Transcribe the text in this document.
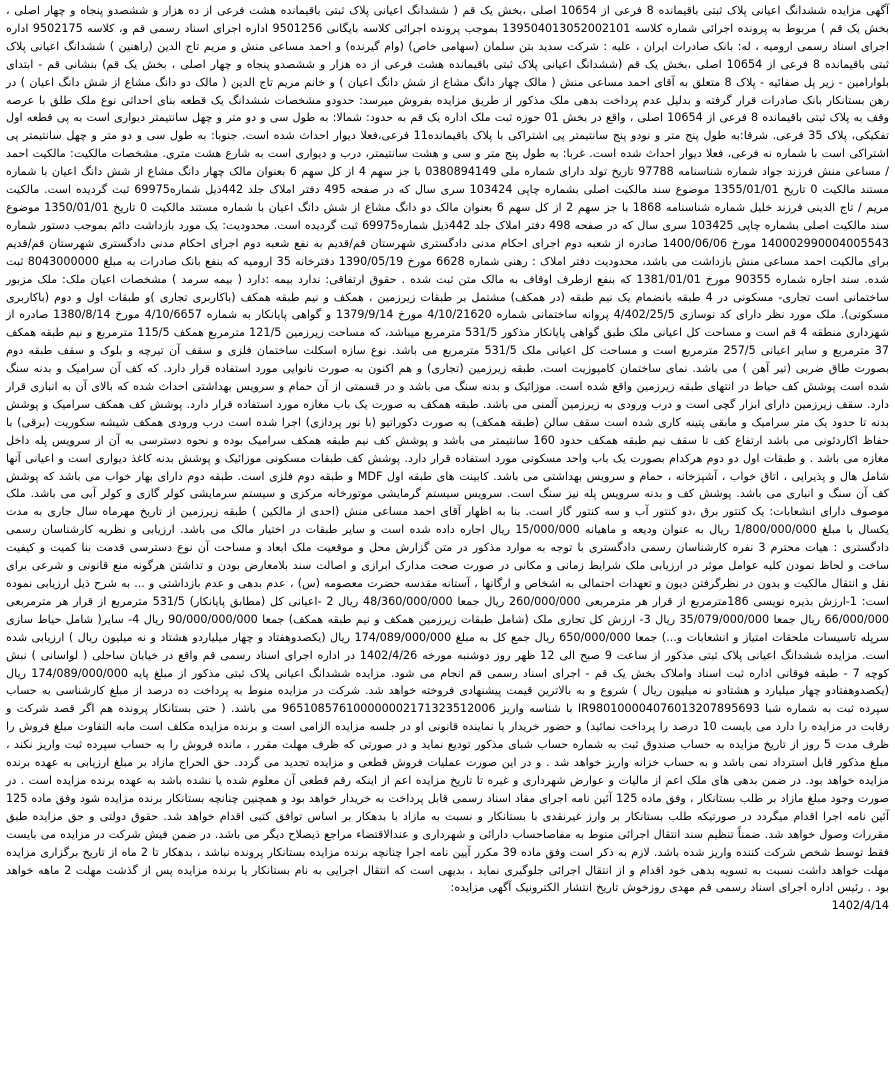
آگهی مزایده ششدانگ اعیانی پلاک ثبتی باقیمانده 8 فرعی از 10654 اصلی ،بخش یک قم ( ششدانگ اعیانی پلاک ثبتی باقیمانده هشت فرعی از ده هزار و ششصدو پنجاه و چهار اصلی ، بخش یک قم ) مربوط به پرونده اجرائی شماره کلاسه 139504013052002101 بموجب پرونده اجرائی کلاسه بایگانی 9501256 اداره اجرای اسناد رسمی قم و، کلاسه 9502175 اداره اجرای اسناد رسمی ارومیه ، له: بانک صادرات ایران ، علیه : شرکت سدید بتن سلمان (سهامی خاص) (وام گیرنده) و احمد مساعی منش و مریم تاج الدین (راهنین ) ششدانگ اعیانی پلاک ثبتی باقیمانده 8 فرعی از 10654 اصلی ،بخش یک قم (ششدانگ اعیانی پلاک ثبتی باقیمانده هشت فرعی از ده هزار و ششصدو پنجاه و چهار اصلی ، بخش یک قم) بنشانی قم - ابتدای بلوارامین - زیر پل صفائیه - پلاک 8 متعلق به آقای احمد مساعی منش ( مالک چهار دانگ مشاع از شش دانگ اعیان ) و خانم مریم تاج الدین ( مالک دو دانگ مشاع از شش دانگ اعیان ) در رهن بستانکار بانک صادرات قرار گرفته و بدلیل عدم پرداخت بدهی ملک مذکور از طریق مزایده بفروش میرسد: حدودو مشخصات ششدانگ یک قطعه بنای احداثی نوع ملک طلق با عرصه وقف به پلاک ثبتی باقیمانده 8 فرعی از 10654 اصلی ، واقع در بخش 01 حوزه ثبت ملک اداره یک قم به حدود: شمالا: به طول سی و دو متر و چهل سانتیمتر دیواری است به پی قطعه اول تفکیکی، پلاک 35 فرعی. شرقا:به طول پنج متر و نودو پنج سانتیمتر پی اشتراکی با پلاک باقیمانده11 فرعی،فعلا دیوار احداث شده است. جنوبا: به طول سی و دو متر و چهل سانتیمتر پی اشتراکی است با شماره نه فرعی، فعلا دیوار احداث شده است. غربا: به طول پنج متر و سی و هشت سانتیمتر، درب و دیواری است به شارع هشت متری. مشخصات مالکیت: مالکیت احمد / مساعی منش فرزند جواد شماره شناسنامه 97788 تاریخ تولد دارای شماره ملی 0380894149 با جز سهم 4 از کل سهم 6 بعنوان مالک چهار دانگ مشاع از شش دانگ اعیان با شماره مستند مالکیت 0 تاریخ 1355/01/01 موضوع سند مالکیت اصلی بشماره چاپی 103424 سری سال که در صفحه 495 دفتر املاک جلد 442ذیل شماره69975 ثبت گردیده است. مالکیت مریم / تاج الدینی فرزند خلیل شماره شناسنامه 1868 با جز سهم 2 از کل سهم 6 بعنوان مالک دو دانگ مشاع از شش دانگ اعیان با شماره مستند مالکیت 0 تاریخ 1350/01/01 موضوع سند مالکیت اصلی بشماره چاپی 103425 سری سال که در صفحه 498 دفتر املاک جلد 442ذیل شماره69975 ثبت گردیده است. محدودیت: یک مورد بازداشت دائم بموجب دستور شماره 140002990004005543 مورخ 1400/06/06 صادره از شعبه دوم اجرای احکام مدنی دادگستری شهرستان قم/قدیم به نفع شعبه دوم اجرای احکام مدنی دادگستری شهرستان قم/قدیم برای مالکیت احمد مساعی منش بازداشت می باشد، محدودیت دفتر املاک : رهنی شماره 6628 مورخ 1390/05/19 دفترخانه 35 ارومیه که بنفع بانک صادرات به مبلغ 8043000000 ثبت شده. سند اجاره شماره 90355 مورخ 1381/01/01 که بنفع ازطرف اوقاف به مالک متن ثبت شده . حقوق ارتفاقی: ندارد بیمه :دارد ( بیمه سرمد ) مشخصات اعیان ملک: ملک مزبور ساختمانی است تجاری- مسکونی در 4 طبقه بانضمام یک نیم طبقه (در همکف) مشتمل بر طبقات زیرزمین ، همکف و نیم طبقه همکف (باکاربری تجاری )و طبقات اول و دوم (باکاربری مسکونی). ملک مورد نظر دارای کد نوسازی 4/402/25/5 پروانه ساختمانی شماره 4/10/21620 مورخ 1379/9/14 و گواهی پایانکار به شماره 4/10/6657 مورخ 1380/8/14 صادره از شهرداری منطقه 4 قم است و مساحت کل اعیانی ملک طبق گواهی پایانکار مذکور 531/5 مترمربع میباشد، که مساحت زیرزمین 121/5 مترمربع همکف 115/5 مترمربع و نیم طبقه همکف 37 مترمربع و سایر اعیانی 257/5 مترمربع است و مساحت کل اعیانی ملک 531/5 مترمربع می باشد. نوع سازه اسکلت ساختمان فلزی و سقف آن تیرچه و بلوک و سقف طبقه دوم بصورت طاق ضربی (تیر آهن ) می باشد. نمای ساختمان کامپوزیت است. طبقه زیرزمین (تجاری) و هم اکنون به صورت نانوایی مورد استفاده قرار دارد. که کف آن سرامیک و بدنه سنگ شده است پوشش کف حیاط در انتهای طبقه زیرزمین واقع شده است. موزائیک و بدنه سنگ می باشد و در قسمتی از آن حمام و سرویس بهداشتی احداث شده که بالای آن به انباری قرار دارد. سقف زیرزمین دارای ابزار گچی است و درب ورودی به زیرزمین آلمنی می باشد. طبقه همکف به صورت یک باب مغازه مورد استفاده قرار دارد. پوشش کف همکف سرامیک و پوشش بدنه تا حدود یک متر سرامیک و مابقی پتینه کاری شده است سقف سالن (طبقه همکف) به صورت دکوراتیو (با نور پردازی) اجرا شده است درب ورودی همکف شیشه سکوریت (برقی) با حفاظ اکاردئونی می باشد ارتفاع کف تا سقف نیم طبقه همکف حدود 160 سانتیمتر می باشد و پوشش کف نیم طبقه همکف سرامیک بوده و نحوه دسترسی به آن از سرویس پله داخل مغازه می باشد . و طبقات اول دو دوم هرکدام بصورت یک باب واحد مسکونی مورد استفاده قرار دارد. پوشش کف طبقات مسکونی موزائیک و پوشش بدنه کاغذ دیواری است و اعیانی آنها شامل هال و پذیرایی ، اتاق خواب ، آشپزخانه ، حمام و سرویس بهداشتی می باشد. کابینت های طبقه اول MDF و طبقه دوم فلزی است. طبقه دوم دارای بهار خواب می باشد که پوشش کف آن سنگ و انباری می باشد. پوشش کف و بدنه سرویس پله نیز سنگ است. سرویس سیستم گرمایشی موتورخانه مرکزی و سیستم سرمایشی کولر گازی و کولر آبی می باشد. ملک موصوف دارای انشعابات: یک کنتور برق ،دو کنتور آب و سه کنتور گاز است. بنا به اظهار آقای احمد مساعی منش (احدی از مالکین ) طبقه زیرزمین از تاریخ مهرماه سال جاری به مدت یکسال با مبلغ 1/800/000/000 ریال به عنوان ودیعه و ماهیانه 15/000/000 ریال اجاره داده شده است و سایر طبقات در اختیار مالک می باشد. ارزیابی و نظریه کارشناسان رسمی دادگستری : هیات محترم 3 نفره کارشناسان رسمی دادگستری با توجه به موارد مذکور در متن گزارش محل و موقعیت ملک ابعاد و مساحت آن نوع دسترسی قدمت بنا کمیت و کیفیت ساخت و لحاظ نمودن کلیه عوامل موثر در ارزیابی ملک شرایط زمانی و مکانی در صورت صحت مدارک ابرازی و اصالت سند بلامعارض بودن و تداشتن هرگونه منع قانونی و شرعی برای نقل و انتقال مالکیت و بدون در نظرگرفتن دیون و تعهدات احتمالی به اشخاص و ارگانها ، آستانه مقدسه حضرت معصومه (س) ، عدم بدهی و عدم بازداشتی و ... به شرح ذیل ارزیابی نموده است: 1-ارزش بذیره نویسی 186مترمربع از قرار هر مترمربعی 260/000/000 ریال جمعا 48/360/000/000 ریال 2 -اعیانی کل (مطابق پایانکار) 531/5 مترمربع از قرار هر مترمربعی 66/000/000 ریال جمعا 35/079/000/000 ریال 3- ارزش کل تجاری ملک (شامل طبقات زیرزمین همکف و نیم طبقه همکف) جمعا 90/000/000/000 ریال 4- سایر( شامل حیاط سازی سرپله تاسیسات ملحقات امتیاز و انشعابات و...) جمعا 650/000/000 ریال جمع کل به مبلغ 174/089/000/000 ریال (یکصدوهفتاد و چهار میلیاردو هشتاد و نه میلیون ریال ) ارزیابی شده است. مزایده ششدانگ اعیانی پلاک ثبتی مذکور از ساعت 9 صبح الی 12 ظهر روز دوشنبه مورخه 1402/4/26 در اداره اجرای اسناد رسمی قم واقع در خیابان ساحلی ( لواسانی ) نبش کوچه 7 - طبقه فوقانی اداره ثبت اسناد واملاک بخش یک قم - اجرای اسناد رسمی قم انجام می شود. مزایده ششدانگ اعیانی پلاک ثبتی مذکور از مبلغ پایه 174/089/000/000 ریال (یکصدوهفتادو چهار میلیارد و هشتادو نه میلیون ریال ) شروع و به بالاترین قیمت پیشنهادی فروخته خواهد شد. شرکت در مزایده منوط به پرداخت ده درصد از مبلغ کارشناسی به حساب سپرده ثبت به شماره شبا IR980100004076013207895693 با شناسه واریز 965108576100000002171323512006 می باشد. ( حتی بستانکار پرونده هم اگر قصد شرکت و رقابت در مزایده را دارد می بایست 10 درصد را پرداخت نمائید) و حضور خریدار یا نماینده قانونی او در جلسه مزایده الزامی است و برنده مزایده مکلف است مابه التفاوت مبلغ فروش را ظرف مدت 5 روز از تاریخ مزایده به حساب صندوق ثبت به شماره حساب شبای مذکور تودیع نماید و در صورتی که ظرف مهلت مقرر ، مانده فروش را به حساب سپرده ثبت واریز نکند ، مبلغ مذکور قابل استرداد نمی باشد و به حساب خزانه واریز خواهد شد . و در این صورت عملیات فروش قطعی و مزایده تجدید می گردد. حق الحراج مازاد بر مبلغ ارزیابی به عهده برنده مزایده خواهد بود. در ضمن بدهی های ملک اعم از مالیات و عوارض شهرداری و غیره تا تاریخ مزایده اعم از اینکه رقم قطعی آن معلوم شده یا نشده باشد به عهده برنده مزایده است . در صورت وجود مبلغ مازاد بر طلب بستانکار ، وفق ماده 125 آئین نامه اجرای مفاد اسناد رسمی قابل پرداخت به خریدار خواهد بود و همچنین چنانچه بستانکار برنده مزایده شود وفق ماده 125 آئین نامه اجرا اقدام میگردد در صورتیکه طلب بستانکار بر وارز غیرنقدی با بستانکار و نسبت به مازاد با بدهکار بر اساس توافق کتبی اقدام خواهد شد. حقوق دولتی و حق مزایده طبق مقررات وصول خواهد شد. ضمناً تنظیم سند انتقال اجرائی منوط به مفاصاحساب دارائی و شهرداری و عندالاقتضاء مراجع ذیصلاح دیگر می باشد. در ضمن فیش شرکت در مزایده می بایست فقط توسط شخص شرکت کننده واریز شده باشد. لازم به ذکر است وفق ماده 39 مکرر آیین نامه اجرا چنانچه برنده مزایده بستانکار پرونده نباشد ، بدهکار تا 2 ماه از تاریخ برگزاری مزایده مهلت خواهد داشت نسبت به تسویه بدهی خود اقدام و از انتقال اجرائی جلوگیری نماید ، بدیهی است که انتقال اجرایی به نام بستانکار یا برنده مزایده پس از گذشت مهلت 2 ماهه خواهد بود . رئیس اداره اجرای اسناد رسمی قم مهدی روزخوش تاریخ انتشار الکترونیک آگهی مزایده:

1402/4/14
